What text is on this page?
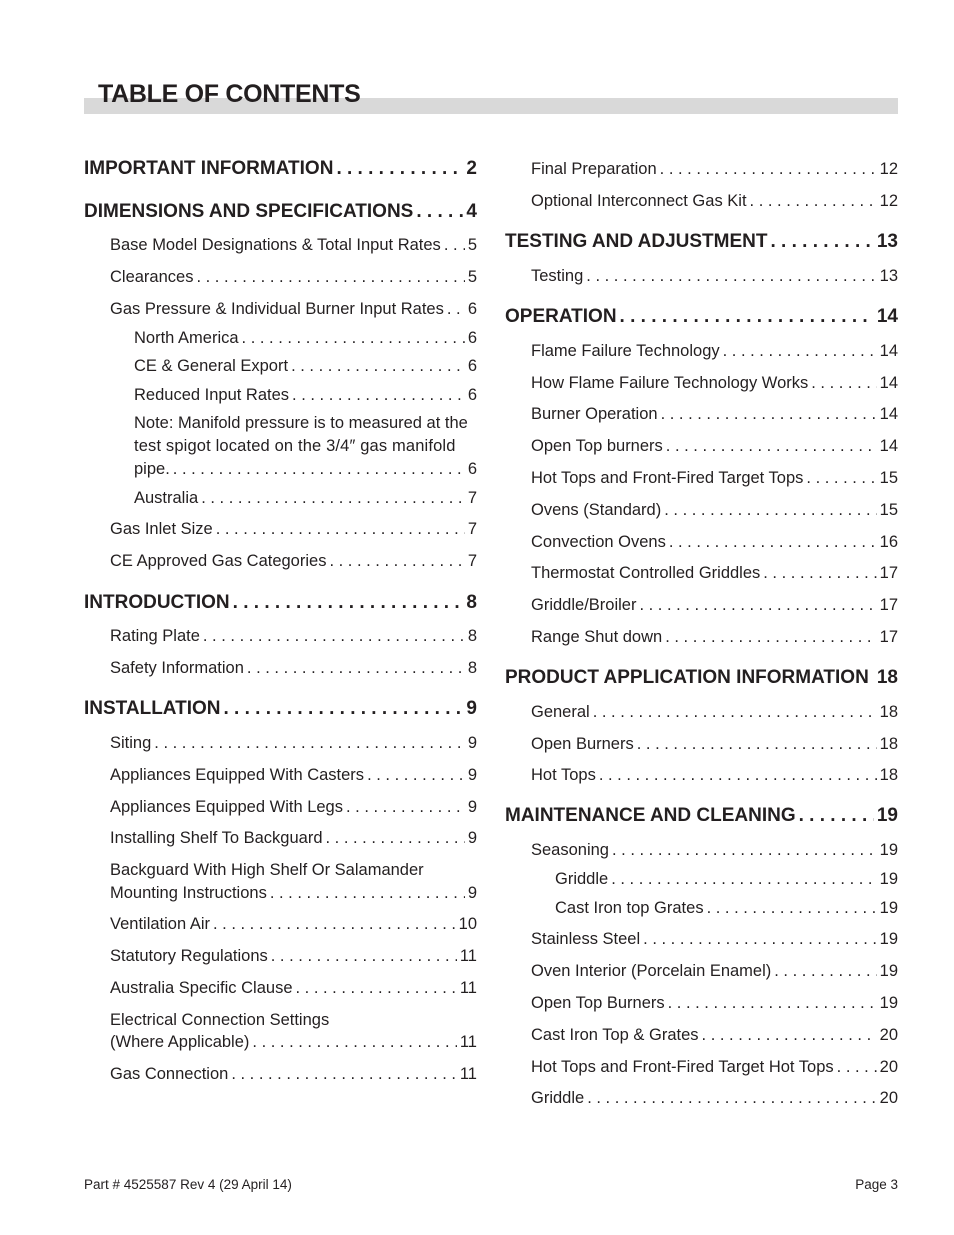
TABLE OF CONTENTS
IMPORTANT INFORMATION . . .	2
DIMENSIONS AND SPECIFICATIONS . . .	4
Base Model Designations & Total Input Rates . . . 5
Clearances . . .	5
Gas Pressure & Individual Burner Input Rates . . . 6
North America . . .	6
CE & General Export . . .	6
Reduced Input Rates . . .	6
Note: Manifold pressure is to measured at the
test spigot located on the 3/4″ gas manifold
pipe. . . .	6
Australia . . .	7
Gas Inlet Size . . .	7
CE Approved Gas Categories . . .	7
INTRODUCTION . . .	8
Rating Plate . . .	8
Safety Information . . .	8
INSTALLATION . . .	9
Siting . . .	9
Appliances Equipped With Casters . . .	9
Appliances Equipped With Legs . . .	9
Installing Shelf To Backguard . . .	9
Backguard With High Shelf Or Salamander
Mounting Instructions . . .	9
Ventilation Air . . .	10
Statutory Regulations . . .	11
Australia Specific Clause . . .	11
Electrical Connection Settings
(Where Applicable) . . .	11
Gas Connection . . .	11
Final Preparation . . .	12
Optional Interconnect Gas Kit . . .	12
TESTING AND ADJUSTMENT . . .	13
Testing . . .	13
OPERATION . . .	14
Flame Failure Technology . . .	14
How Flame Failure Technology Works . . .	14
Burner Operation . . .	14
Open Top burners . . .	14
Hot Tops and Front-Fired Target Tops . . .	15
Ovens (Standard) . . .	15
Convection Ovens . . .	16
Thermostat Controlled Griddles . . .	17
Griddle/Broiler . . .	17
Range Shut down . . .	17
PRODUCT APPLICATION INFORMATION 18
General . . .	18
Open Burners . . .	18
Hot Tops . . .	18
MAINTENANCE AND CLEANING . . .	19
Seasoning . . .	19
Griddle . . .	19
Cast Iron top Grates . . .	19
Stainless Steel . . .	19
Oven Interior (Porcelain Enamel) . . .	19
Open Top Burners . . .	19
Cast Iron Top & Grates . . .	20
Hot Tops and Front-Fired Target Hot Tops . . .	20
Griddle . . .	20
Part # 4525587 Rev 4 (29 April 14)	Page 3
